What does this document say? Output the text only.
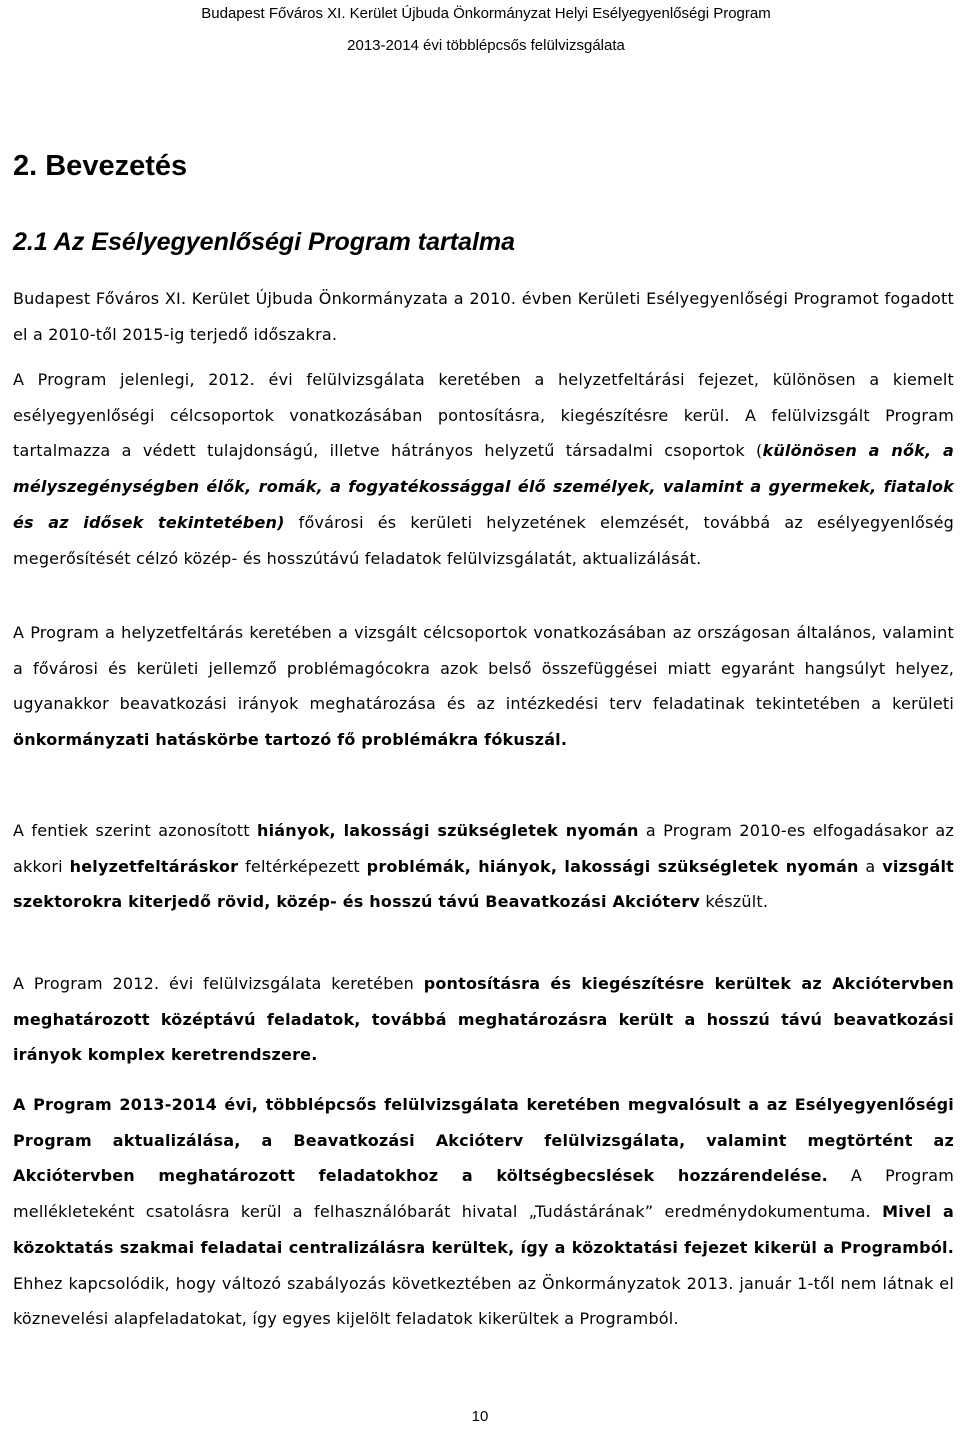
Budapest Főváros XI. Kerület Újbuda Önkormányzat Helyi Esélyegyenlőségi Program
2013-2014 évi többlépcsős felülvizsgálata
2. Bevezetés
2.1 Az Esélyegyenlőségi Program tartalma

Budapest Főváros XI. Kerület Újbuda Önkormányzata a 2010. évben Kerületi Esélyegyenlőségi Programot fogadott el a 2010-től 2015-ig terjedő időszakra.

A Program jelenlegi, 2012. évi felülvizsgálata keretében a helyzetfeltárási fejezet, különösen a kiemelt esélyegyenlőségi célcsoportok vonatkozásában pontosításra, kiegészítésre kerül. A felülvizsgált Program tartalmazza a védett tulajdonságú, illetve hátrányos helyzetű társadalmi csoportok (különösen a nők, a mélyszegénységben élők, romák, a fogyatékossággal élő személyek, valamint a gyermekek, fiatalok és az idősek tekintetében) fővárosi és kerületi helyzetének elemzését, továbbá az esélyegyenlőség megerősítését célzó közép- és hosszútávú feladatok felülvizsgálatát, aktualizálását.

A Program a helyzetfeltárás keretében a vizsgált célcsoportok vonatkozásában az országosan általános, valamint a fővárosi és kerületi jellemző problémagócokra azok belső összefüggései miatt egyaránt hangsúlyt helyez, ugyanakkor beavatkozási irányok meghatározása és az intézkedési terv feladatinak tekintetében a kerületi önkormányzati hatáskörbe tartozó fő problémákra fókuszál.

A fentiek szerint azonosított hiányok, lakossági szükségletek nyomán a Program 2010-es elfogadásakor az akkori helyzetfeltáráskor feltérképezett problémák, hiányok, lakossági szükségletek nyomán a vizsgált szektorokra kiterjedő rövid, közép- és hosszú távú Beavatkozási Akcióterv készült.

A Program 2012. évi felülvizsgálata keretében pontosításra és kiegészítésre kerültek az Akciótervben meghatározott középtávú feladatok, továbbá meghatározásra került a hosszú távú beavatkozási irányok komplex keretrendszere.

A Program 2013-2014 évi, többlépcsős felülvizsgálata keretében megvalósult a az Esélyegyenlőségi Program aktualizálása, a Beavatkozási Akcióterv felülvizsgálata, valamint megtörtént az Akciótervben meghatározott feladatokhoz a költségbecslések hozzárendelése. A Program mellékleteként csatolásra kerül a felhasználóbarát hivatal „Tudástárának” eredménydokumentuma. Mivel a közoktatás szakmai feladatai centralizálásra kerültek, így a közoktatási fejezet kikerül a Programból. Ehhez kapcsolódik, hogy változó szabályozás következtében az Önkormányzatok 2013. január 1-től nem látnak el köznevelési alapfeladatokat, így egyes kijelölt feladatok kikerültek a Programból.

10
